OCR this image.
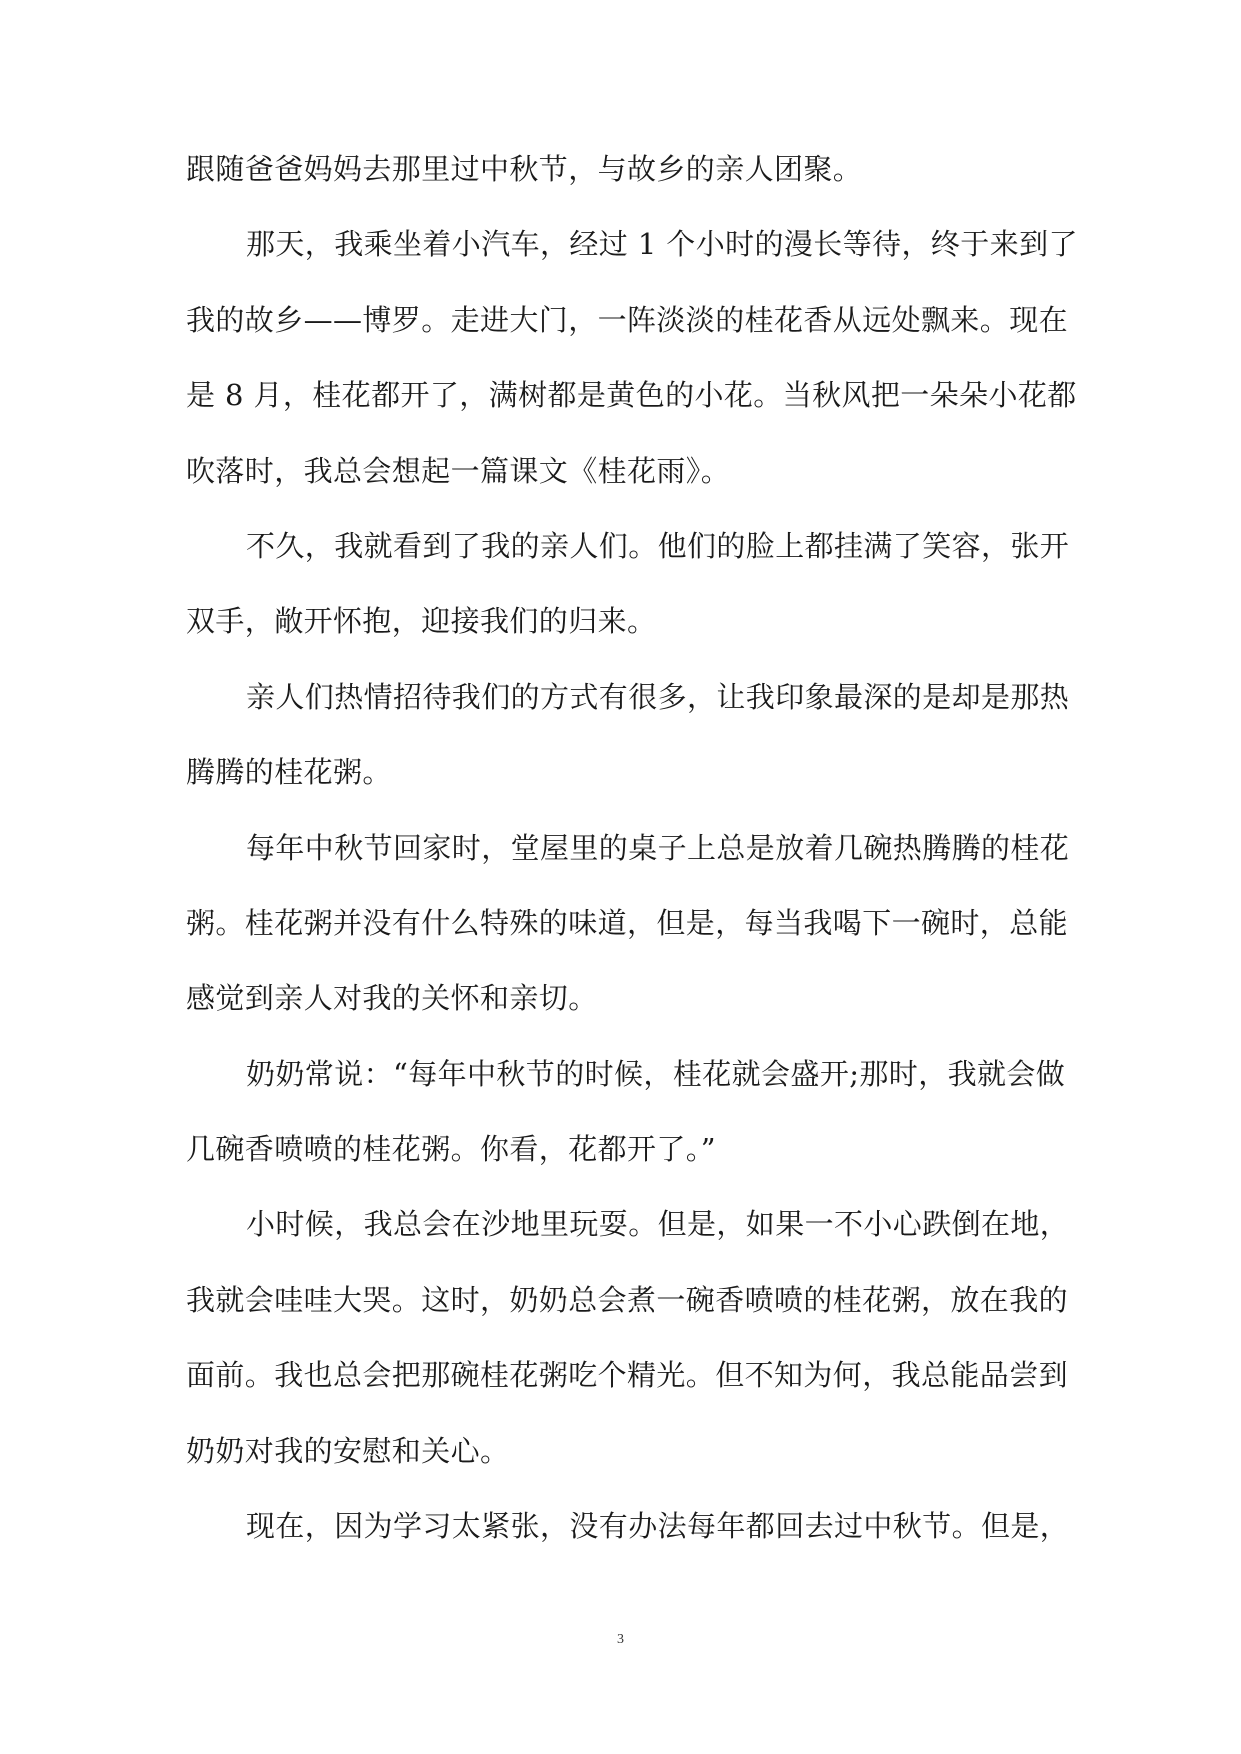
跟随爸爸妈妈去那里过中秋节，与故乡的亲人团聚。
那天，我乘坐着小汽车，经过 1 个小时的漫长等待，终于来到了
我的故乡——博罗。走进大门，一阵淡淡的桂花香从远处飘来。现在
是 8 月，桂花都开了，满树都是黄色的小花。当秋风把一朵朵小花都
吹落时，我总会想起一篇课文《桂花雨》。
不久，我就看到了我的亲人们。他们的脸上都挂满了笑容，张开
双手，敞开怀抱，迎接我们的归来。
亲人们热情招待我们的方式有很多，让我印象最深的是却是那热
腾腾的桂花粥。
每年中秋节回家时，堂屋里的桌子上总是放着几碗热腾腾的桂花
粥。桂花粥并没有什么特殊的味道，但是，每当我喝下一碗时，总能
感觉到亲人对我的关怀和亲切。
奶奶常说：“每年中秋节的时候，桂花就会盛开;那时，我就会做
几碗香喷喷的桂花粥。你看，花都开了。”
小时候，我总会在沙地里玩耍。但是，如果一不小心跌倒在地，
我就会哇哇大哭。这时，奶奶总会煮一碗香喷喷的桂花粥，放在我的
面前。我也总会把那碗桂花粥吃个精光。但不知为何，我总能品尝到
奶奶对我的安慰和关心。
现在，因为学习太紧张，没有办法每年都回去过中秋节。但是，
3
